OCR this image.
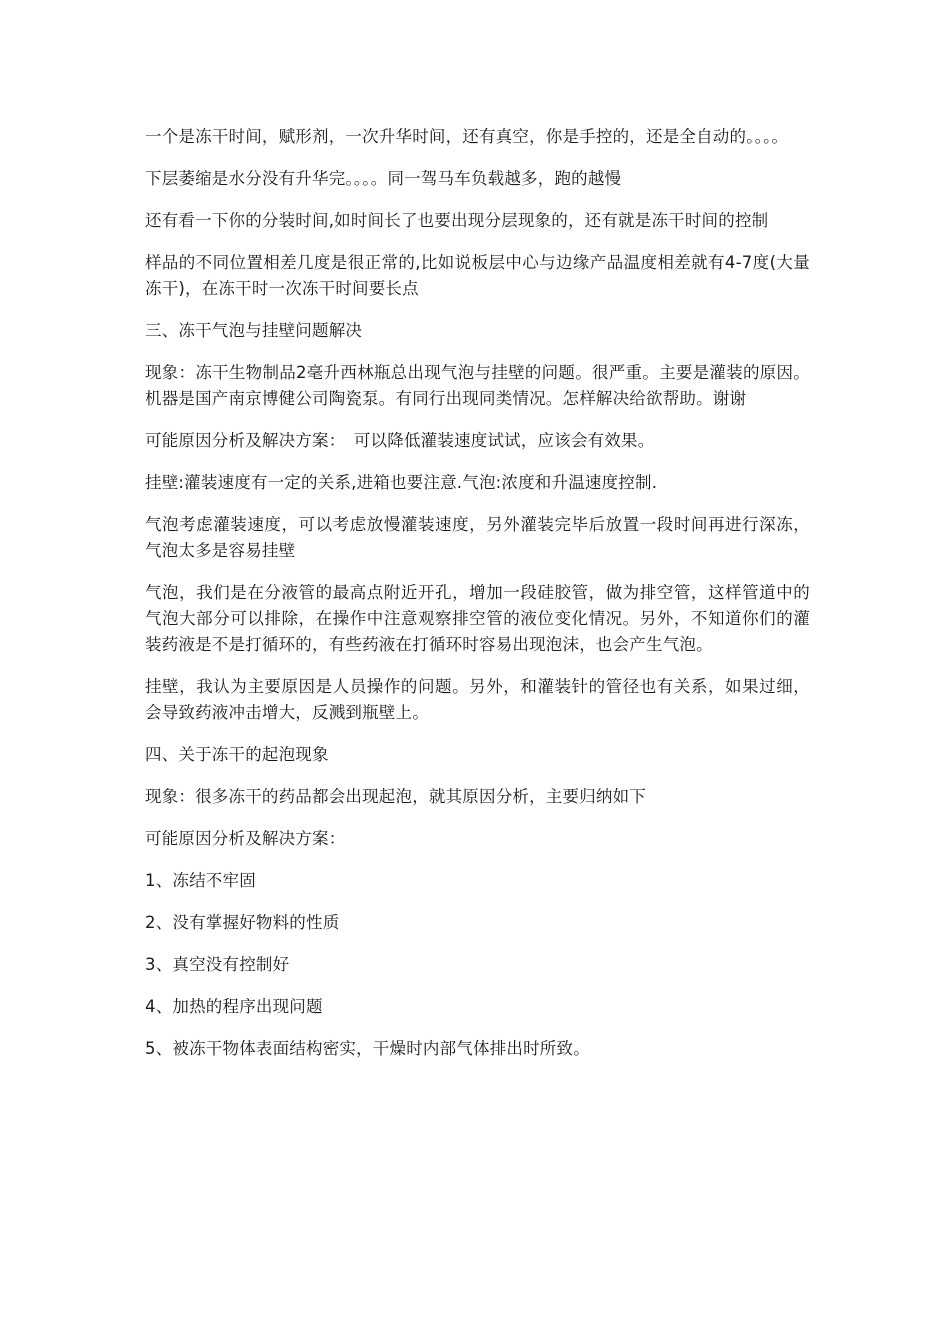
一个是冻干时间，赋形剂，一次升华时间，还有真空，你是手控的，还是全自动的。。。。

下层萎缩是水分没有升华完。。。。同一驾马车负载越多，跑的越慢

还有看一下你的分装时间,如时间长了也要出现分层现象的，还有就是冻干时间的控制

样品的不同位置相差几度是很正常的,比如说板层中心与边缘产品温度相差就有4-7度(大量冻干)，在冻干时一次冻干时间要长点

三、冻干气泡与挂壁问题解决

现象：冻干生物制品2毫升西林瓶总出现气泡与挂壁的问题。很严重。主要是灌装的原因。机器是国产南京博健公司陶瓷泵。有同行出现同类情况。怎样解决给欲帮助。谢谢

可能原因分析及解决方案：　可以降低灌装速度试试，应该会有效果。

挂壁:灌装速度有一定的关系,进箱也要注意.气泡:浓度和升温速度控制.

气泡考虑灌装速度，可以考虑放慢灌装速度，另外灌装完毕后放置一段时间再进行深冻，气泡太多是容易挂壁

气泡，我们是在分液管的最高点附近开孔，增加一段硅胶管，做为排空管，这样管道中的气泡大部分可以排除，在操作中注意观察排空管的液位变化情况。另外，不知道你们的灌装药液是不是打循环的，有些药液在打循环时容易出现泡沫，也会产生气泡。

挂壁，我认为主要原因是人员操作的问题。另外，和灌装针的管径也有关系，如果过细，会导致药液冲击增大，反溅到瓶壁上。

四、关于冻干的起泡现象

现象：很多冻干的药品都会出现起泡，就其原因分析，主要归纳如下

可能原因分析及解决方案：

1、冻结不牢固

2、没有掌握好物料的性质

3、真空没有控制好

4、加热的程序出现问题

5、被冻干物体表面结构密实，干燥时内部气体排出时所致。
